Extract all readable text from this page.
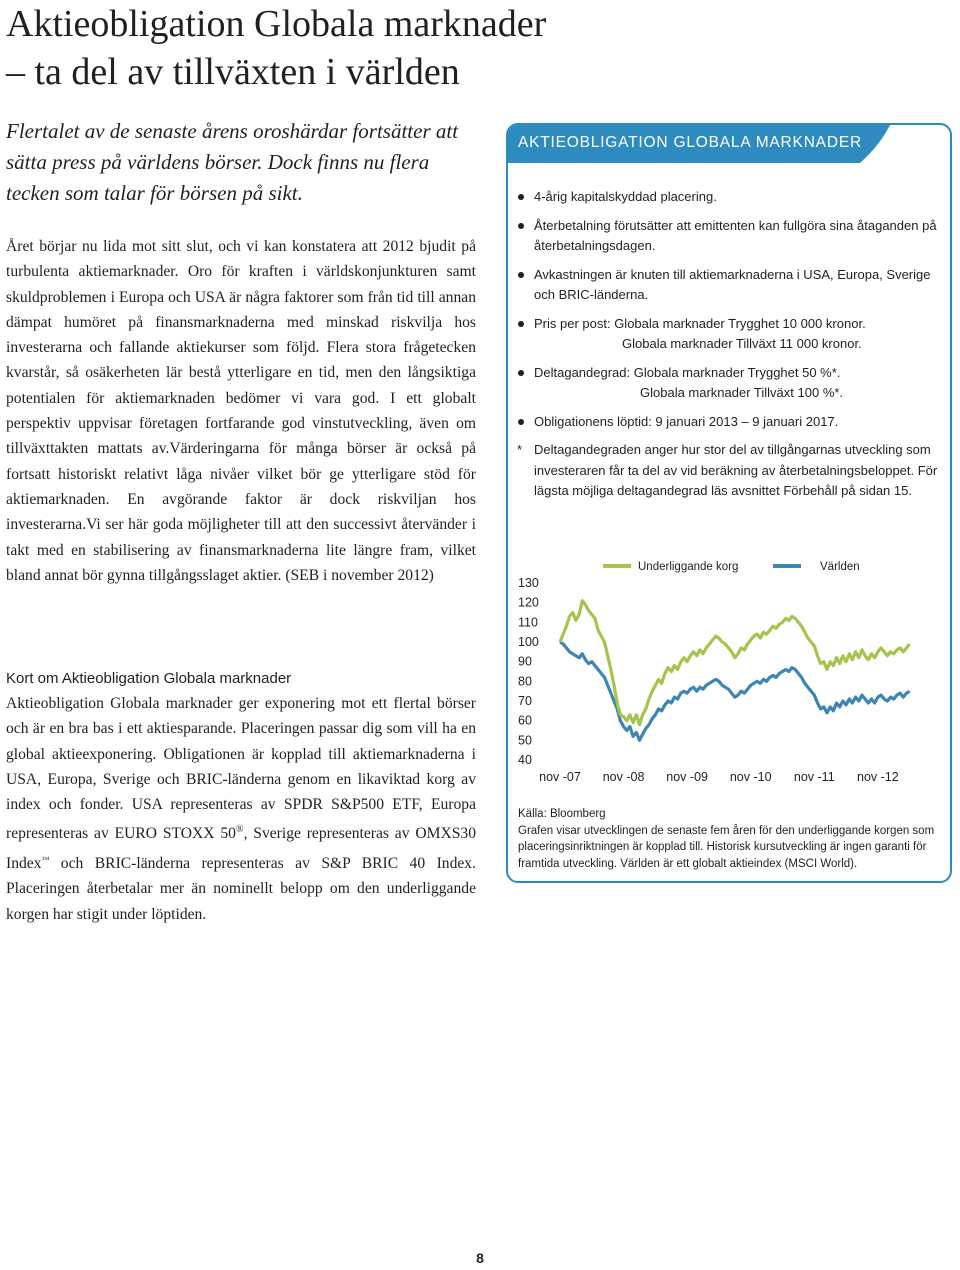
Aktieobligation Globala marknader
– ta del av tillväxten i världen

Flertalet av de senaste årens oroshärdar fortsätter att sätta press på världens börser. Dock finns nu flera tecken som talar för börsen på sikt.

Året börjar nu lida mot sitt slut, och vi kan konstatera att 2012 bjudit på turbulenta aktiemarknader. Oro för kraften i världskonjunkturen samt skuldproblemen i Europa och USA är några faktorer som från tid till annan dämpat humöret på finansmarknaderna med minskad riskvilja hos investerarna och fallande aktiekurser som följd. Flera stora frågetecken kvarstår, så osäkerheten lär bestå ytterligare en tid, men den långsiktiga potentialen för aktiemarknaden bedömer vi vara god. I ett globalt perspektiv uppvisar företagen fortfarande god vinstutveckling, även om tillväxttakten mattats av.Värderingarna för många börser är också på fortsatt historiskt relativt låga nivåer vilket bör ge ytterligare stöd för aktiemarknaden. En avgörande faktor är dock riskviljan hos investerarna.Vi ser här goda möjligheter till att den successivt återvänder i takt med en stabilisering av finansmarknaderna lite längre fram, vilket bland annat bör gynna tillgångsslaget aktier. (SEB i november 2012)

Kort om Aktieobligation Globala marknader

Aktieobligation Globala marknader ger exponering mot ett flertal börser och är en bra bas i ett aktiesparande. Placeringen passar dig som vill ha en global aktieexponering. Obligationen är kopplad till aktiemarknaderna i USA, Europa, Sverige och BRIC-länderna genom en likaviktad korg av index och fonder. USA representeras av SPDR S&P500 ETF, Europa representeras av EURO STOXX 50®, Sverige representeras av OMXS30 Index™ och BRIC-länderna representeras av S&P BRIC 40 Index. Placeringen återbetalar mer än nominellt belopp om den underliggande korgen har stigit under löptiden.

AKTIEOBLIGATION GLOBALA MARKNADER
4-årig kapitalskyddad placering.
Återbetalning förutsätter att emittenten kan fullgöra sina åtaganden på återbetalningsdagen.
Avkastningen är knuten till aktiemarknaderna i USA, Europa, Sverige och BRIC-länderna.
Pris per post: Globala marknader Trygghet 10 000 kronor.
Globala marknader Tillväxt 11 000 kronor.
Deltagandegrad: Globala marknader Trygghet 50 %*.
Globala marknader Tillväxt 100 %*.
Obligationens löptid: 9 januari 2013 – 9 januari 2017.
* Deltagandegraden anger hur stor del av tillgångarnas utveckling som investeraren får ta del av vid beräkning av återbetalningsbeloppet. För lägsta möjliga deltagandegrad läs avsnittet Förbehåll på sidan 15.
130
120
110
100
90
80
70
60
50
40
nov -07 nov -08 nov -09 nov -10 nov -11 nov -12
Underliggande korg	Världen

Källa: Bloomberg
Grafen visar utvecklingen de senaste fem åren för den underliggande korgen som placeringsinriktningen är kopplad till. Historisk kursutveckling är ingen garanti för framtida utveckling. Världen är ett globalt aktieindex (MSCI World).

8
